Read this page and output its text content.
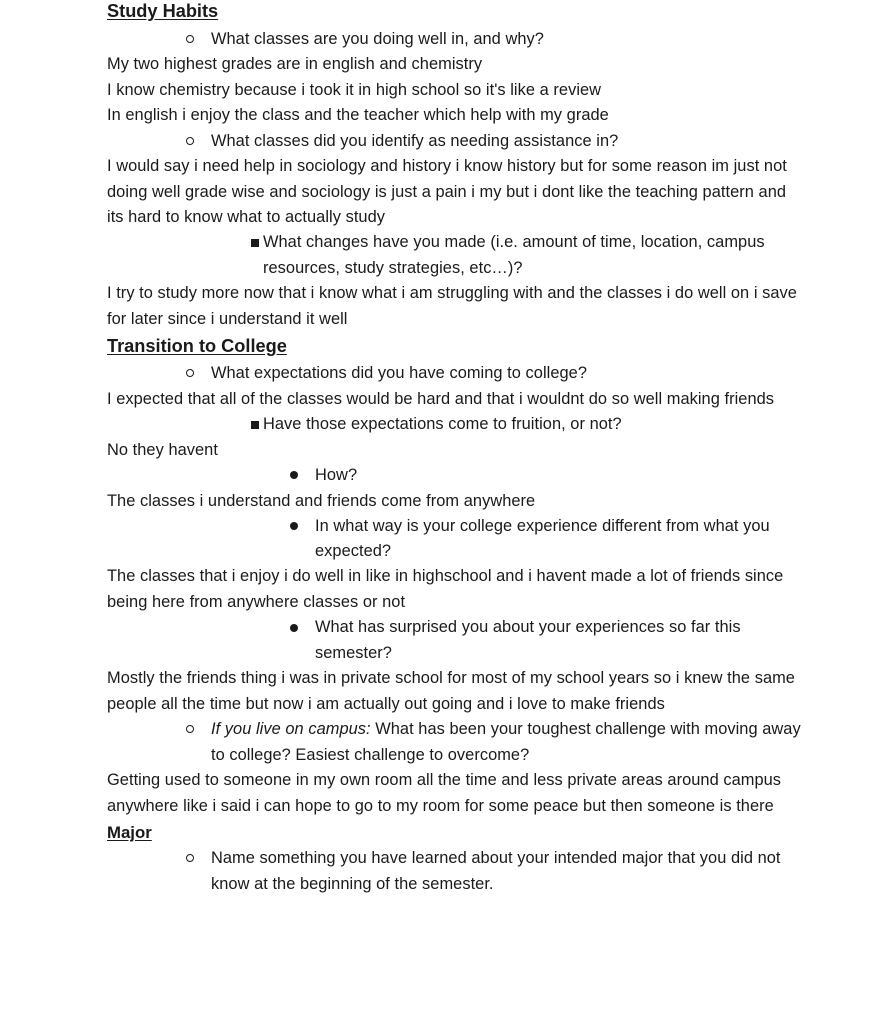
Study Habits
What classes are you doing well in, and why?
My two highest grades are in english and chemistry
I know chemistry because i took it in high school so it's like a review
In english i enjoy the class and the teacher which help with my grade
What classes did you identify as needing assistance in?
I would say i need help in sociology and history i know history but for some reason im just not
doing well grade wise and sociology is just a pain i my but i dont like the teaching pattern and
its hard to know what to actually study
What changes have you made (i.e. amount of time, location, campus
resources, study strategies, etc…)?
I try to study more now that i know what i am struggling with and the classes i do well on i save
for later since i understand it well
Transition to College
What expectations did you have coming to college?
I expected that all of the classes would be hard and that i wouldnt do so well making friends
Have those expectations come to fruition, or not?
No they havent
How?
The classes i understand and friends come from anywhere
In what way is your college experience different from what you
expected?
The classes that i enjoy i do well in like in highschool and i havent made a lot of friends since
being here from anywhere classes or not
What has surprised you about your experiences so far this
semester?
Mostly the friends thing i was in private school for most of my school years so i knew the same
people all the time but now i am actually out going and i love to make friends
If you live on campus: What has been your toughest challenge with moving away
to college? Easiest challenge to overcome?
Getting used to someone in my own room all the time and less private areas around campus
anywhere like i said i can hope to go to my room for some peace but then someone is there
Major
Name something you have learned about your intended major that you did not
know at the beginning of the semester.
